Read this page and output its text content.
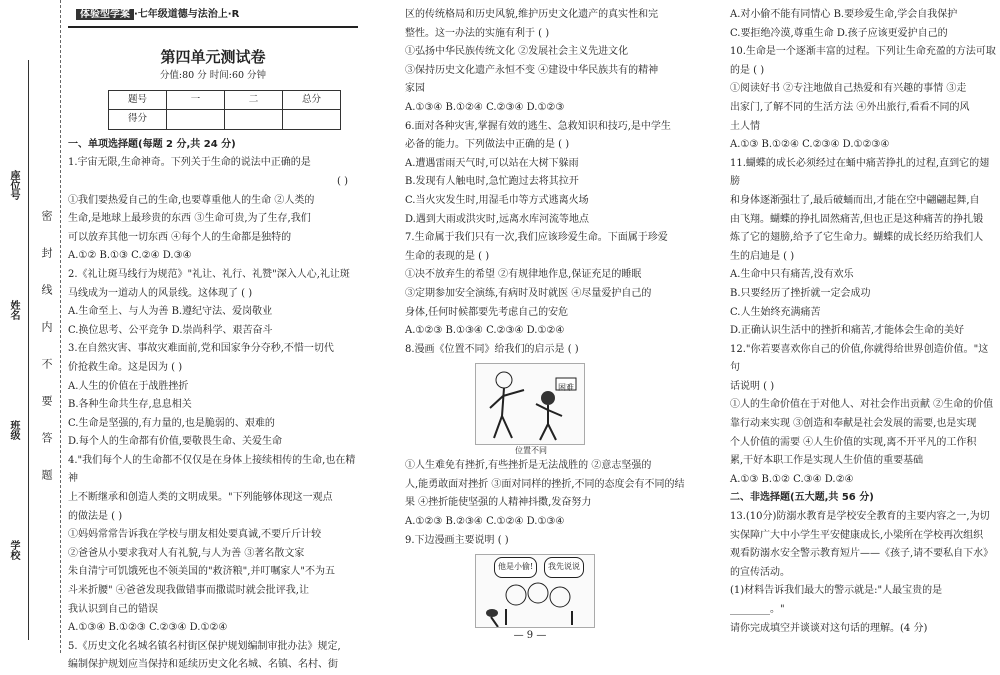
座位号
姓名
班级
学校
密封线内不要答题
体验型学案 ·七年级道德与法治上·R
第四单元测试卷
分值:80 分 时间:60 分钟
题号	一	二	总分
得分			
一、单项选择题(每题 2 分,共 24 分)
1.宇宙无限,生命神奇。下列关于生命的说法中正确的是
( )
①我们要热爱自己的生命,也要尊重他人的生命 ②人类的
生命,是地球上最珍贵的东西 ③生命可贵,为了生存,我们
可以放弃其他一切东西 ④每个人的生命都是独特的
A.①② B.①③ C.②④ D.③④
2.《礼让斑马线行为规范》"礼让、礼行、礼赞"深入人心,礼让斑
马线成为一道动人的风景线。这体现了 ( )
A.生命至上、与人为善 B.遵纪守法、爱岗敬业
C.换位思考、公平竞争 D.崇尚科学、艰苦奋斗
3.在自然灾害、事故灾难面前,党和国家争分夺秒,不惜一切代
价抢救生命。这是因为 ( )
A.人生的价值在于战胜挫折
B.各种生命共生存,息息相关
C.生命是坚强的,有力量的,也是脆弱的、艰难的
D.每个人的生命都有价值,要敬畏生命、关爱生命
4."我们每个人的生命都不仅仅是在身体上接续相传的生命,也在精神
上不断继承和创造人类的文明成果。"下列能够体现这一观点
的做法是 ( )
①妈妈常常告诉我在学校与朋友相处要真诚,不要斤斤计较
②爸爸从小要求我对人有礼貌,与人为善 ③著名散文家
朱自清宁可饥饿死也不领美国的"救济粮",并叮嘱家人"不为五
斗米折腰" ④爸爸发现我做错事而撒谎时就会批评我,让
我认识到自己的错误
A.①③④ B.①②③ C.②③④ D.①②④
5.《历史文化名城名镇名村街区保护规划编制审批办法》规定,
编制保护规划应当保持和延续历史文化名城、名镇、名村、街
区的传统格局和历史风貌,维护历史文化遗产的真实性和完
整性。这一办法的实施有利于 ( )
①弘扬中华民族传统文化 ②发展社会主义先进文化
③保持历史文化遗产永恒不变 ④建设中华民族共有的精神
家园
A.①③④ B.①②④ C.②③④ D.①②③
6.面对各种灾害,掌握有效的逃生、急救知识和技巧,是中学生
必备的能力。下列做法中正确的是 ( )
A.遭遇雷雨天气时,可以站在大树下躲雨
B.发现有人触电时,急忙跑过去将其拉开
C.当火灾发生时,用湿毛巾等方式逃离火场
D.遇到大雨或洪灾时,远离水库河流等地点
7.生命属于我们只有一次,我们应该珍爱生命。下面属于珍爱
生命的表现的是 ( )
①决不放弃生的希望 ②有规律地作息,保证充足的睡眠
③定期参加安全演练,有病时及时就医 ④尽量爱护自己的
身体,任何时候都要先考虑自己的安危
A.①②③ B.①③④ C.②③④ D.①②④
8.漫画《位置不同》给我们的启示是 ( )
困难
位置不同
①人生难免有挫折,有些挫折是无法战胜的 ②意志坚强的
人,能勇敢面对挫折 ③面对同样的挫折,不同的态度会有不同的结
果 ④挫折能使坚强的人精神抖擞,发奋努力
A.①②③ B.②③④ C.①②④ D.①③④
9.下边漫画主要说明 ( )
他是小偷!	我先说说
A.对小偷不能有同情心 B.要珍爱生命,学会自我保护
C.要拒绝冷漠,尊重生命 D.孩子应该更爱护自己的
10.生命是一个逐渐丰富的过程。下列让生命充盈的方法可取
的是 ( )
①阅读好书 ②专注地做自己热爱和有兴趣的事情 ③走
出家门,了解不同的生活方法 ④外出旅行,看看不同的风
土人情
A.①③ B.①②④ C.②③④ D.①②③④
11.蝴蝶的成长必须经过在蛹中痛苦挣扎的过程,直到它的翅膀
和身体逐渐强壮了,最后破蛹而出,才能在空中翩翩起舞,自
由飞翔。蝴蝶的挣扎固然痛苦,但也正是这种痛苦的挣扎锻
炼了它的翅膀,给予了它生命力。蝴蝶的成长经历给我们人
生的启迪是 ( )
A.生命中只有痛苦,没有欢乐
B.只要经历了挫折就一定会成功
C.人生始终充满痛苦
D.正确认识生活中的挫折和痛苦,才能体会生命的美好
12."你若要喜欢你自己的价值,你就得给世界创造价值。"这句
话说明 ( )
①人的生命价值在于对他人、对社会作出贡献 ②生命的价值
靠行动来实现 ③创造和奉献是社会发展的需要,也是实现
个人价值的需要 ④人生价值的实现,离不开平凡的工作积
累,干好本职工作是实现人生价值的重要基础
A.①③ B.①② C.③④ D.②④
二、非选择题(五大题,共 56 分)
13.(10分)防溺水教育是学校安全教育的主要内容之一,为切
实保障广大中小学生平安健康成长,小梁所在学校再次组织
观看防溺水安全警示教育短片——《孩子,请不要私自下水》
的宣传活动。
(1)材料告诉我们最大的警示就是:"人最宝贵的是________。"
请你完成填空并谈谈对这句话的理解。(4 分)
— 9 —
